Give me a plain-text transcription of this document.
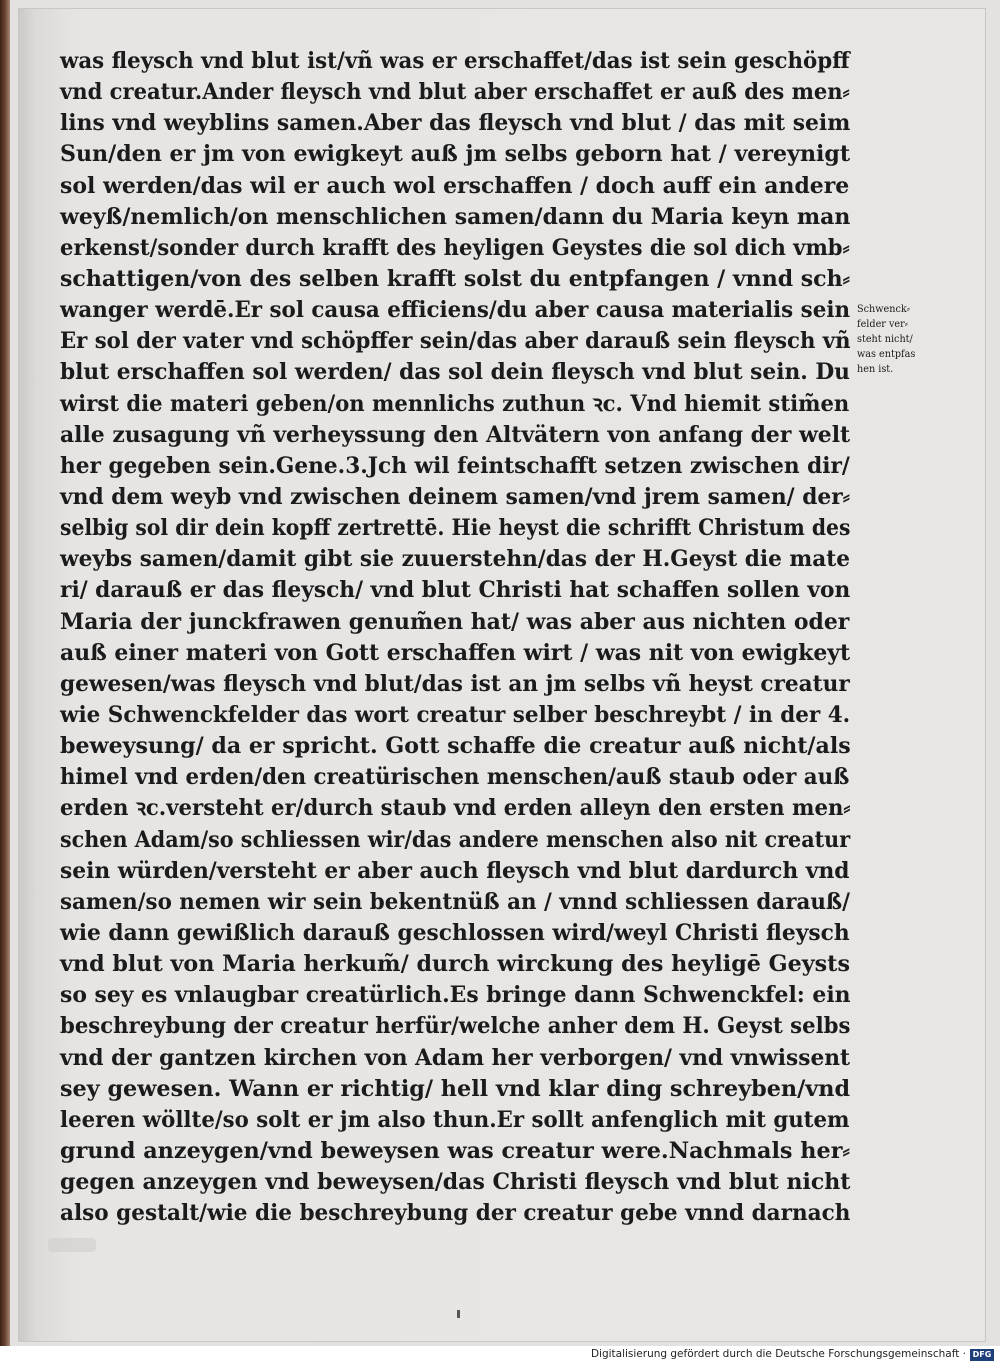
was fleysch vnd blut ist/vñ was er erschaffet/das ist sein geschöpff
vnd creatur.Ander fleysch vnd blut aber erschaffet er auß des men⸗
lins vnd weyblins samen.Aber das fleysch vnd blut / das mit seim
Sun/den er jm von ewigkeyt auß jm selbs geborn hat / vereynigt
sol werden/das wil er auch wol erschaffen / doch auff ein andere
weyß/nemlich/on menschlichen samen/dann du Maria keyn man
erkenst/sonder durch krafft des heyligen Geystes die sol dich vmb⸗
schattigen/von des selben krafft solst du entpfangen / vnnd sch⸗
wanger werdē.Er sol causa efficiens/du aber causa materialis sein
Er sol der vater vnd schöpffer sein/das aber darauß sein fleysch vñ
blut erschaffen sol werden/ das sol dein fleysch vnd blut sein. Du
wirst die materi geben/on mennlichs zuthun ꝛc. Vnd hiemit stim̃en
alle zusagung vñ verheyssung den Altvätern von anfang der welt
her gegeben sein.Gene.3.Jch wil feintschafft setzen zwischen dir/
vnd dem weyb vnd zwischen deinem samen/vnd jrem samen/ der⸗
selbig sol dir dein kopff zertrettē. Hie heyst die schrifft Christum des
weybs samen/damit gibt sie zuuerstehn/das der H.Geyst die mate
ri/ darauß er das fleysch/ vnd blut Christi hat schaffen sollen von
Maria der junckfrawen genum̃en hat/ was aber aus nichten oder
auß einer materi von Gott erschaffen wirt / was nit von ewigkeyt
gewesen/was fleysch vnd blut/das ist an jm selbs vñ heyst creatur
wie Schwenckfelder das wort creatur selber beschreybt / in der 4.
beweysung/ da er spricht. Gott schaffe die creatur auß nicht/als
himel vnd erden/den creatürischen menschen/auß staub oder auß
erden ꝛc.versteht er/durch staub vnd erden alleyn den ersten men⸗
schen Adam/so schliessen wir/das andere menschen also nit creatur
sein würden/versteht er aber auch fleysch vnd blut dardurch vnd
samen/so nemen wir sein bekentnüß an / vnnd schliessen darauß/
wie dann gewißlich darauß geschlossen wird/weyl Christi fleysch
vnd blut von Maria herkum̃/ durch wirckung des heyligē Geysts
so sey es vnlaugbar creatürlich.Es bringe dann Schwenckfel: ein
beschreybung der creatur herfür/welche anher dem H. Geyst selbs
vnd der gantzen kirchen von Adam her verborgen/ vnd vnwissent
sey gewesen. Wann er richtig/ hell vnd klar ding schreyben/vnd
leeren wöllte/so solt er jm also thun.Er sollt anfenglich mit gutem
grund anzeygen/vnd beweysen was creatur were.Nachmals her⸗
gegen anzeygen vnd beweysen/das Christi fleysch vnd blut nicht
also gestalt/wie die beschreybung der creatur gebe vnnd darnach
Schwenck⸗
felder ver⸗
steht nicht/
was entpfas
hen ist.
Digitalisierung gefördert durch die Deutsche Forschungsgemeinschaft · DFG
